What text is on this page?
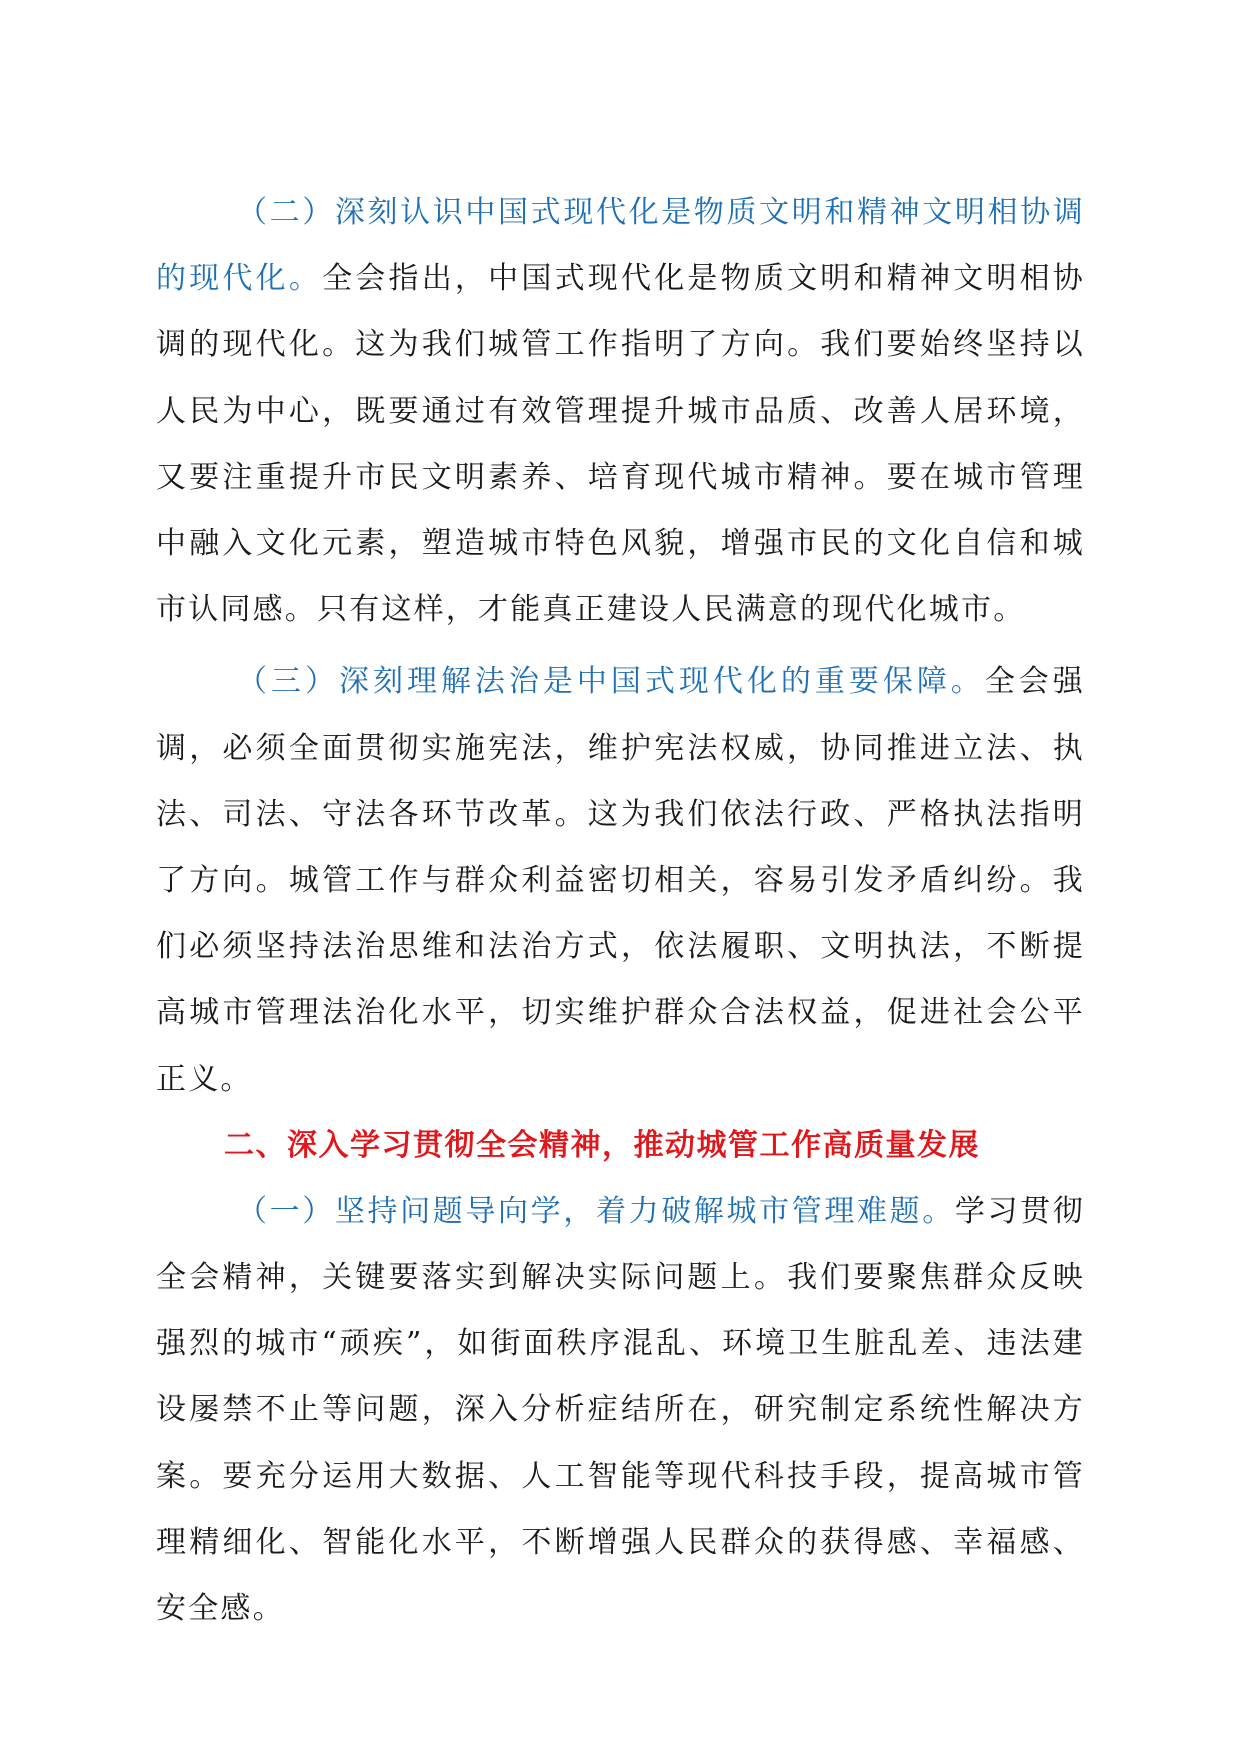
（二）深刻认识中国式现代化是物质文明和精神文明相协调的现代化。全会指出，中国式现代化是物质文明和精神文明相协调的现代化。这为我们城管工作指明了方向。我们要始终坚持以人民为中心，既要通过有效管理提升城市品质、改善人居环境，又要注重提升市民文明素养、培育现代城市精神。要在城市管理中融入文化元素，塑造城市特色风貌，增强市民的文化自信和城市认同感。只有这样，才能真正建设人民满意的现代化城市。

（三）深刻理解法治是中国式现代化的重要保障。全会强调，必须全面贯彻实施宪法，维护宪法权威，协同推进立法、执法、司法、守法各环节改革。这为我们依法行政、严格执法指明了方向。城管工作与群众利益密切相关，容易引发矛盾纠纷。我们必须坚持法治思维和法治方式，依法履职、文明执法，不断提高城市管理法治化水平，切实维护群众合法权益，促进社会公平正义。

二、深入学习贯彻全会精神，推动城管工作高质量发展

（一）坚持问题导向学，着力破解城市管理难题。学习贯彻全会精神，关键要落实到解决实际问题上。我们要聚焦群众反映强烈的城市“顽疾”，如街面秩序混乱、环境卫生脏乱差、违法建设屡禁不止等问题，深入分析症结所在，研究制定系统性解决方案。要充分运用大数据、人工智能等现代科技手段，提高城市管理精细化、智能化水平，不断增强人民群众的获得感、幸福感、安全感。
